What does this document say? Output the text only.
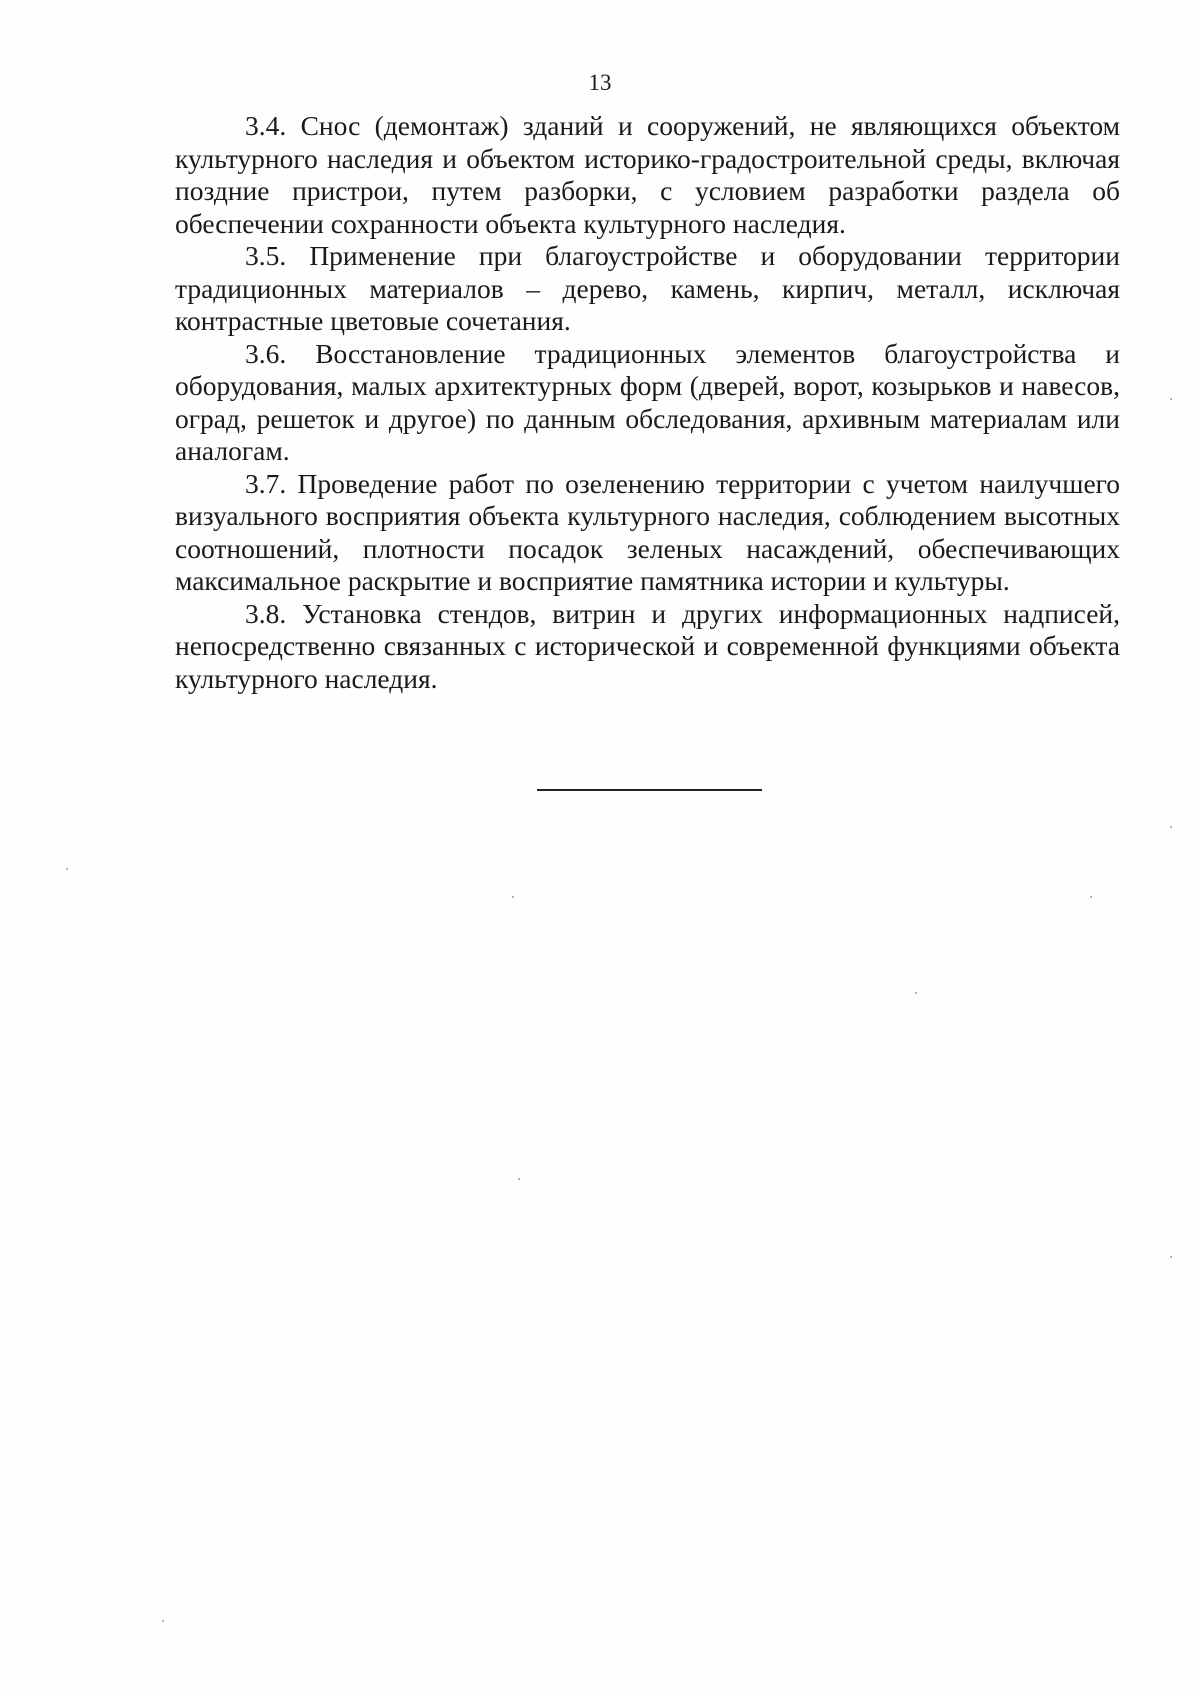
13

3.4. Снос (демонтаж) зданий и сооружений, не являющихся объектом культурного наследия и объектом историко-градостроительной среды, включая поздние пристрои, путем разборки, с условием разработки раздела об обеспечении сохранности объекта культурного наследия.

3.5. Применение при благоустройстве и оборудовании территории традиционных материалов – дерево, камень, кирпич, металл, исключая контрастные цветовые сочетания.

3.6. Восстановление традиционных элементов благоустройства и оборудования, малых архитектурных форм (дверей, ворот, козырьков и навесов, оград, решеток и другое) по данным обследования, архивным материалам или аналогам.

3.7. Проведение работ по озеленению территории с учетом наилучшего визуального восприятия объекта культурного наследия, соблюдением высотных соотношений, плотности посадок зеленых насаждений, обеспечивающих максимальное раскрытие и восприятие памятника истории и культуры.

3.8. Установка стендов, витрин и других информационных надписей, непосредственно связанных с исторической и современной функциями объекта культурного наследия.
